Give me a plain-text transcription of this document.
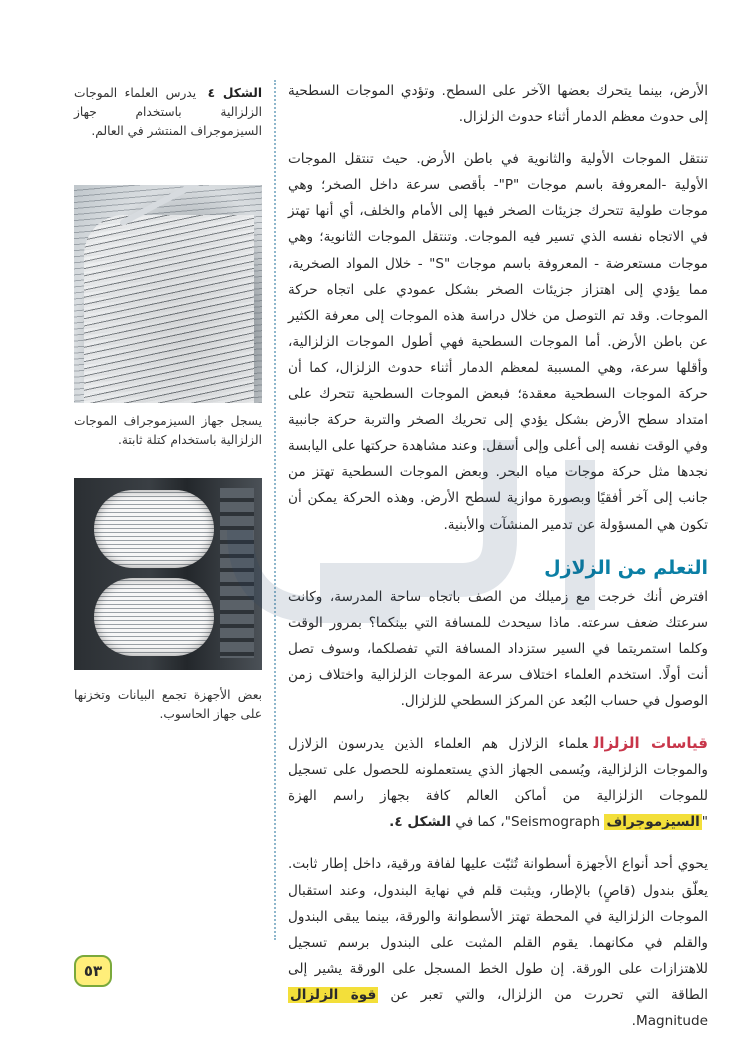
الأرض، بينما يتحرك بعضها الآخر على السطح. وتؤدي الموجات السطحية إلى حدوث معظم الدمار أثناء حدوث الزلزال.

تنتقل الموجات الأولية والثانوية في باطن الأرض. حيث تنتقل الموجات الأولية -المعروفة باسم موجات "P"- بأقصى سرعة داخل الصخر؛ وهي موجات طولية تتحرك جزيئات الصخر فيها إلى الأمام والخلف، أي أنها تهتز في الاتجاه نفسه الذي تسير فيه الموجات. وتنتقل الموجات الثانوية؛ وهي موجات مستعرضة - المعروفة باسم موجات "S" - خلال المواد الصخرية، مما يؤدي إلى اهتزاز جزيئات الصخر بشكل عمودي على اتجاه حركة الموجات. وقد تم التوصل من خلال دراسة هذه الموجات إلى معرفة الكثير عن باطن الأرض. أما الموجات السطحية فهي أطول الموجات الزلزالية، وأقلها سرعة، وهي المسببة لمعظم الدمار أثناء حدوث الزلزال، كما أن حركة الموجات السطحية معقدة؛ فبعض الموجات السطحية تتحرك على امتداد سطح الأرض بشكل يؤدي إلى تحريك الصخر والتربة حركة جانبية وفي الوقت نفسه إلى أعلى وإلى أسفل. وعند مشاهدة حركتها على اليابسة نجدها مثل حركة موجات مياه البحر. وبعض الموجات السطحية تهتز من جانب إلى آخر أفقيًا وبصورة موازية لسطح الأرض. وهذه الحركة يمكن أن تكون هي المسؤولة عن تدمير المنشآت والأبنية.

التعلم من الزلازل

افترض أنك خرجت مع زميلك من الصف باتجاه ساحة المدرسة، وكانت سرعتك ضعف سرعته. ماذا سيحدث للمسافة التي بينكما؟ بمرور الوقت وكلما استمريتما في السير ستزداد المسافة التي تفصلكما، وسوف تصل أنت أولًا. استخدم العلماء اختلاف سرعة الموجات الزلزالية واختلاف زمن الوصول في حساب البُعد عن المركز السطحي للزلزال.

قياسات الزلزالعلماء الزلازل هم العلماء الذين يدرسون الزلازل والموجات الزلزالية، ويُسمى الجهاز الذي يستعملونه للحصول على تسجيل للموجات الزلزالية من أماكن العالم كافة بجهاز راسم الهزة "السيزموجراف Seismograph"، كما في الشكل ٤.

يحوي أحد أنواع الأجهزة أسطوانة تُثبّت عليها لفافة ورقية، داخل إطار ثابت. يعلّق بندول (قاصٍ) بالإطار، ويثبت قلم في نهاية البندول، وعند استقبال الموجات الزلزالية في المحطة تهتز الأسطوانة والورقة، بينما يبقى البندول والقلم في مكانهما. يقوم القلم المثبت على البندول برسم تسجيل للاهتزازات على الورقة. إن طول الخط المسجل على الورقة يشير إلى الطاقة التي تحررت من الزلزال، والتي تعبر عن قوة الزلزال Magnitude.

الشكل ٤ يدرس العلماء الموجات الزلزالية باستخدام جهاز السيزموجراف المنتشر في العالم.
يسجل جهاز السيزموجراف الموجات الزلزالية باستخدام كتلة ثابتة.
بعض الأجهزة تجمع البيانات وتخزنها على جهاز الحاسوب.
٥٣
